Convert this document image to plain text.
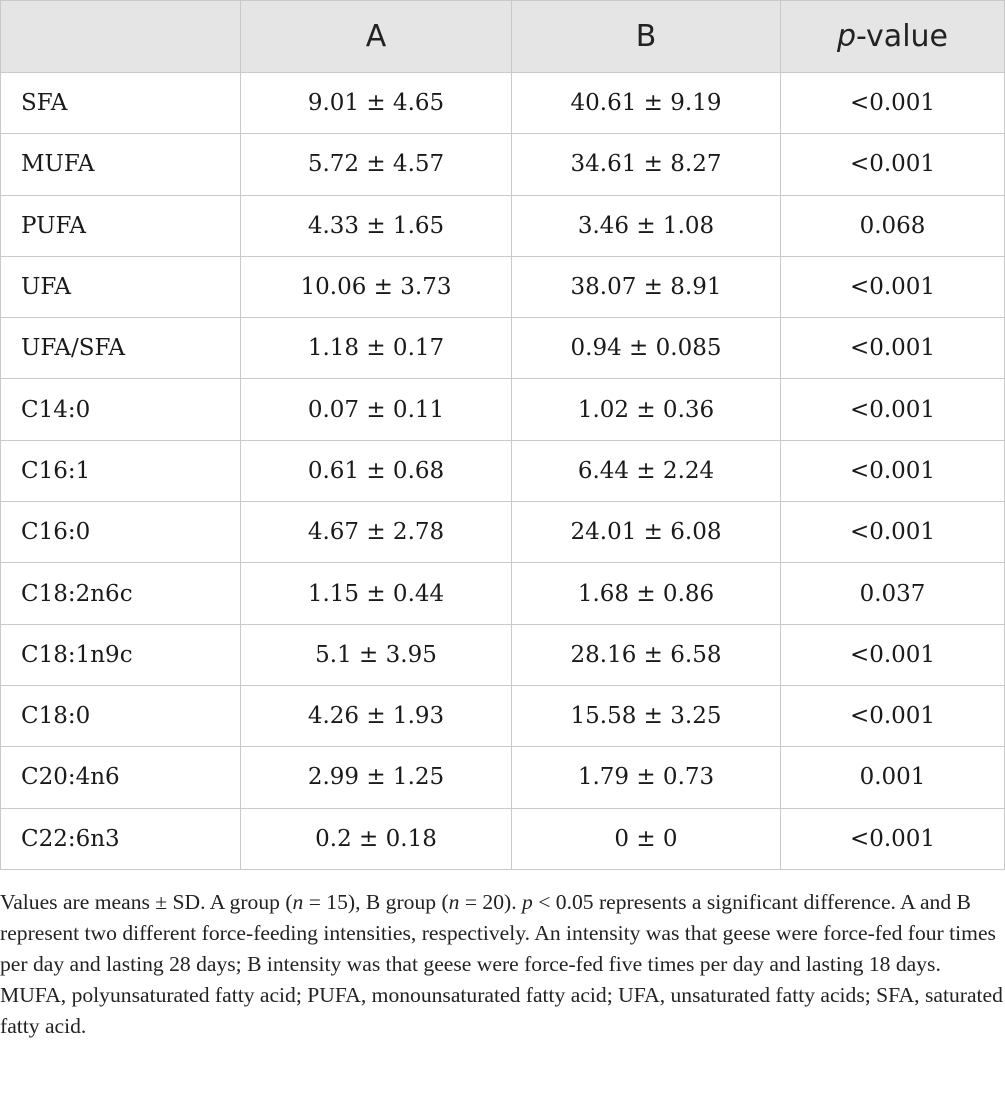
	A	B	p-value
SFA	9.01 ± 4.65	40.61 ± 9.19	<0.001
MUFA	5.72 ± 4.57	34.61 ± 8.27	<0.001
PUFA	4.33 ± 1.65	3.46 ± 1.08	0.068
UFA	10.06 ± 3.73	38.07 ± 8.91	<0.001
UFA/SFA	1.18 ± 0.17	0.94 ± 0.085	<0.001
C14:0	0.07 ± 0.11	1.02 ± 0.36	<0.001
C16:1	0.61 ± 0.68	6.44 ± 2.24	<0.001
C16:0	4.67 ± 2.78	24.01 ± 6.08	<0.001
C18:2n6c	1.15 ± 0.44	1.68 ± 0.86	0.037
C18:1n9c	5.1 ± 3.95	28.16 ± 6.58	<0.001
C18:0	4.26 ± 1.93	15.58 ± 3.25	<0.001
C20:4n6	2.99 ± 1.25	1.79 ± 0.73	0.001
C22:6n3	0.2 ± 0.18	0 ± 0	<0.001
Values are means ± SD. A group (n = 15), B group (n = 20). p < 0.05 represents a significant difference. A and B represent two different force-feeding intensities, respectively. An intensity was that geese were force-fed four times per day and lasting 28 days; B intensity was that geese were force-fed five times per day and lasting 18 days. MUFA, polyunsaturated fatty acid; PUFA, monounsaturated fatty acid; UFA, unsaturated fatty acids; SFA, saturated fatty acid.
